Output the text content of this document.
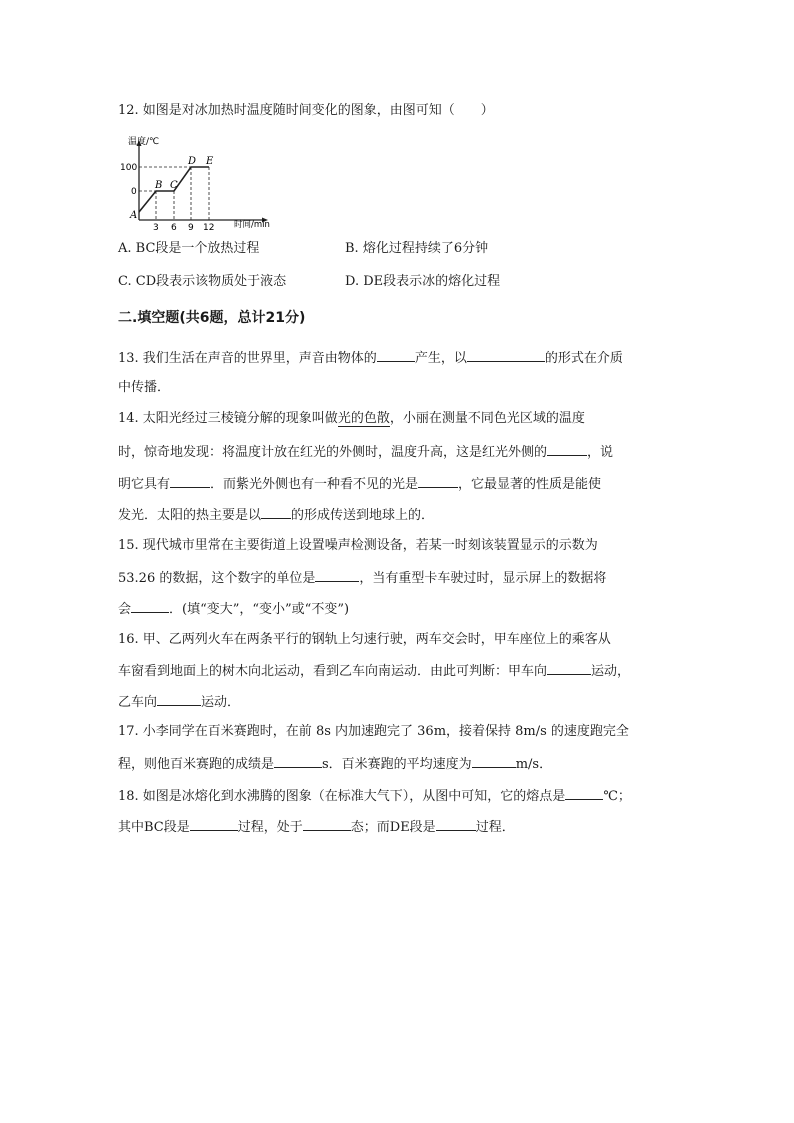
12. 如图是对冰加热时温度随时间变化的图象，由图可知（　　）
温度/℃
时间/min
100
0
3 6 9 12
A
B C
D E
A. BC段是一个放热过程	B. 熔化过程持续了6分钟
C. CD段表示该物质处于液态	D. DE段表示冰的熔化过程
二.填空题(共6题，总计21分)
13. 我们生活在声音的世界里，声音由物体的	产生，以	的形式在介质
中传播．
14. 太阳光经过三棱镜分解的现象叫做光的色散，小丽在测量不同色光区域的温度
时，惊奇地发现：将温度计放在红光的外侧时，温度升高，这是红光外侧的	，说
明它具有	．而紫光外侧也有一种看不见的光是	，它最显著的性质是能使
发光．太阳的热主要是以 的形成传送到地球上的．
15. 现代城市里常在主要街道上设置噪声检测设备，若某一时刻该装置显示的示数为
53.26 的数据，这个数字的单位是	，当有重型卡车驶过时，显示屏上的数据将
会	．(填“变大”，“变小”或“不变”)
16. 甲、乙两列火车在两条平行的钢轨上匀速行驶，两车交会时，甲车座位上的乘客从
车窗看到地面上的树木向北运动，看到乙车向南运动．由此可判断：甲车向	运动，
乙车向	运动．
17. 小李同学在百米赛跑时，在前 8s 内加速跑完了 36m，接着保持 8m/s 的速度跑完全
程，则他百米赛跑的成绩是	s．百米赛跑的平均速度为	m/s．
18. 如图是冰熔化到水沸腾的图象（在标准大气下），从图中可知，它的熔点是	℃；
其中BC段是	过程，处于	态；而DE段是	过程．
